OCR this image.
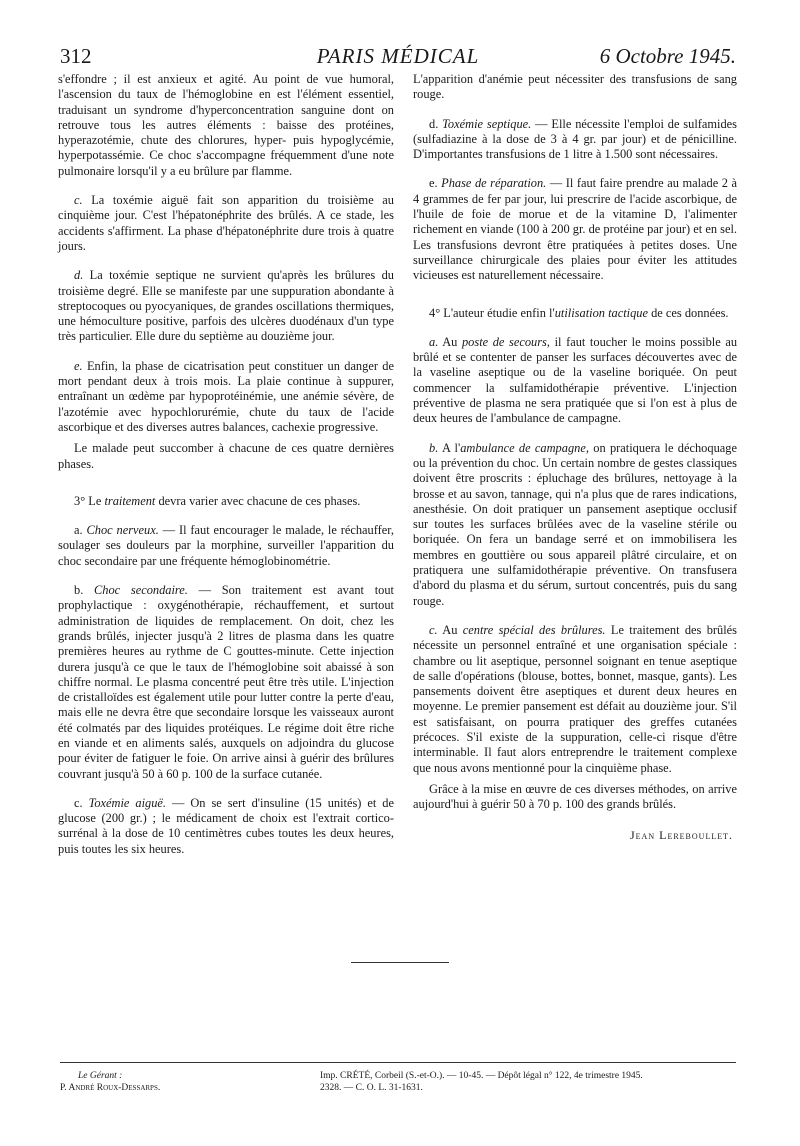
312	PARIS MÉDICAL	6 Octobre 1945.

s'effondre ; il est anxieux et agité. Au point de vue humoral, l'ascension du taux de l'hémoglobine en est l'élément essentiel, traduisant un syndrome d'hyperconcentration sanguine dont on retrouve tous les autres éléments : baisse des protéines, hyperazotémie, chute des chlorures, hyper- puis hypoglycémie, hyperpotassémie. Ce choc s'accompagne fréquemment d'une note pulmonaire lorsqu'il y a eu brûlure par flamme.

c. La toxémie aiguë fait son apparition du troisième au cinquième jour. C'est l'hépatonéphrite des brûlés. A ce stade, les accidents s'affirment. La phase d'hépatonéphrite dure trois à quatre jours.

d. La toxémie septique ne survient qu'après les brûlures du troisième degré. Elle se manifeste par une suppuration abondante à streptocoques ou pyocyaniques, de grandes oscillations thermiques, une hémoculture positive, parfois des ulcères duodénaux d'un type très particulier. Elle dure du septième au douzième jour.

e. Enfin, la phase de cicatrisation peut constituer un danger de mort pendant deux à trois mois. La plaie continue à suppurer, entraînant un œdème par hypoprotéinémie, une anémie sévère, de l'azotémie avec hypochlorurémie, chute du taux de l'acide ascorbique et des diverses autres balances, cachexie progressive.

Le malade peut succomber à chacune de ces quatre dernières phases.

3° Le traitement devra varier avec chacune de ces phases.

a. Choc nerveux. — Il faut encourager le malade, le réchauffer, soulager ses douleurs par la morphine, surveiller l'apparition du choc secondaire par une fréquente hémoglobinométrie.

b. Choc secondaire. — Son traitement est avant tout prophylactique : oxygénothérapie, réchauffement, et surtout administration de liquides de remplacement. On doit, chez les grands brûlés, injecter jusqu'à 2 litres de plasma dans les quatre premières heures au rythme de C gouttes-minute. Cette injection durera jusqu'à ce que le taux de l'hémoglobine soit abaissé à son chiffre normal. Le plasma concentré peut être très utile. L'injection de cristalloïdes est également utile pour lutter contre la perte d'eau, mais elle ne devra être que secondaire lorsque les vaisseaux auront été colmatés par des liquides protéiques. Le régime doit être riche en viande et en aliments salés, auxquels on adjoindra du glucose pour éviter de fatiguer le foie. On arrive ainsi à guérir des brûlures couvrant jusqu'à 50 à 60 p. 100 de la surface cutanée.

c. Toxémie aiguë. — On se sert d'insuline (15 unités) et de glucose (200 gr.) ; le médicament de choix est l'extrait cortico-surrénal à la dose de 10 centimètres cubes toutes les deux heures, puis toutes les six heures.

L'apparition d'anémie peut nécessiter des transfusions de sang rouge.

d. Toxémie septique. — Elle nécessite l'emploi de sulfamides (sulfadiazine à la dose de 3 à 4 gr. par jour) et de pénicilline. D'importantes transfusions de 1 litre à 1.500 sont nécessaires.

e. Phase de réparation. — Il faut faire prendre au malade 2 à 4 grammes de fer par jour, lui prescrire de l'acide ascorbique, de l'huile de foie de morue et de la vitamine D, l'alimenter richement en viande (100 à 200 gr. de protéine par jour) et en sel. Les transfusions devront être pratiquées à petites doses. Une surveillance chirurgicale des plaies pour éviter les attitudes vicieuses est naturellement nécessaire.

4° L'auteur étudie enfin l'utilisation tactique de ces données.

a. Au poste de secours, il faut toucher le moins possible au brûlé et se contenter de panser les surfaces découvertes avec de la vaseline aseptique ou de la vaseline boriquée. On peut commencer la sulfamidothérapie préventive. L'injection préventive de plasma ne sera pratiquée que si l'on est à plus de deux heures de l'ambulance de campagne.

b. A l'ambulance de campagne, on pratiquera le déchoquage ou la prévention du choc. Un certain nombre de gestes classiques doivent être proscrits : épluchage des brûlures, nettoyage à la brosse et au savon, tannage, qui n'a plus que de rares indications, anesthésie. On doit pratiquer un pansement aseptique occlusif sur toutes les surfaces brûlées avec de la vaseline stérile ou boriquée. On fera un bandage serré et on immobilisera les membres en gouttière ou sous appareil plâtré circulaire, et on pratiquera une sulfamidothérapie préventive. On transfusera d'abord du plasma et du sérum, surtout concentrés, puis du sang rouge.

c. Au centre spécial des brûlures. Le traitement des brûlés nécessite un personnel entraîné et une organisation spéciale : chambre ou lit aseptique, personnel soignant en tenue aseptique de salle d'opérations (blouse, bottes, bonnet, masque, gants). Les pansements doivent être aseptiques et durent deux heures en moyenne. Le premier pansement est défait au douzième jour. S'il est satisfaisant, on pourra pratiquer des greffes cutanées précoces. S'il existe de la suppuration, celle-ci risque d'être interminable. Il faut alors entreprendre le traitement complexe que nous avons mentionné pour la cinquième phase.

Grâce à la mise en œuvre de ces diverses méthodes, on arrive aujourd'hui à guérir 50 à 70 p. 100 des grands brûlés.

Jean Lereboullet.
Le Gérant :
P. André Roux-Dessarps.
Imp. CRÉTÉ, Corbeil (S.-et-O.). — 10-45. — Dépôt légal n° 122, 4e trimestre 1945.
2328. — C. O. L. 31-1631.
